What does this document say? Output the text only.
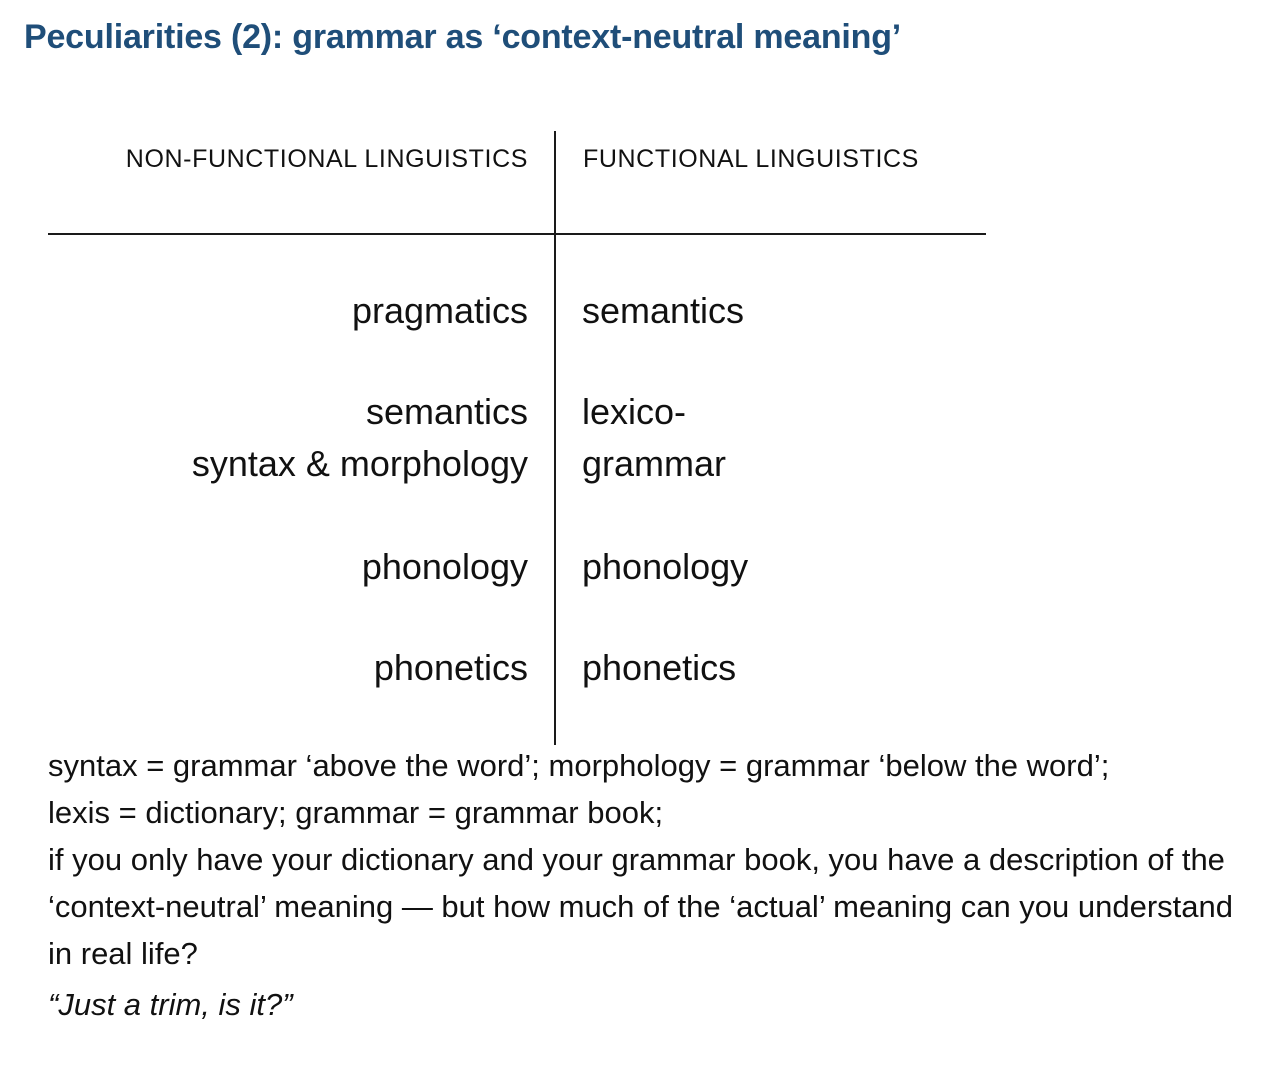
Peculiarities (2): grammar as ‘context-neutral meaning’
NON-FUNCTIONAL LINGUISTICS FUNCTIONAL LINGUISTICS
pragmatics semantics
semantics
syntax & morphology
lexico-
grammar
phonology phonology
phonetics phonetics

syntax = grammar ‘above the word’; morphology = grammar ‘below the word’;

lexis = dictionary; grammar = grammar book;

if you only have your dictionary and your grammar book, you have a description of the ‘context-neutral’ meaning — but how much of the ‘actual’ meaning can you understand in real life?

“Just a trim, is it?”
